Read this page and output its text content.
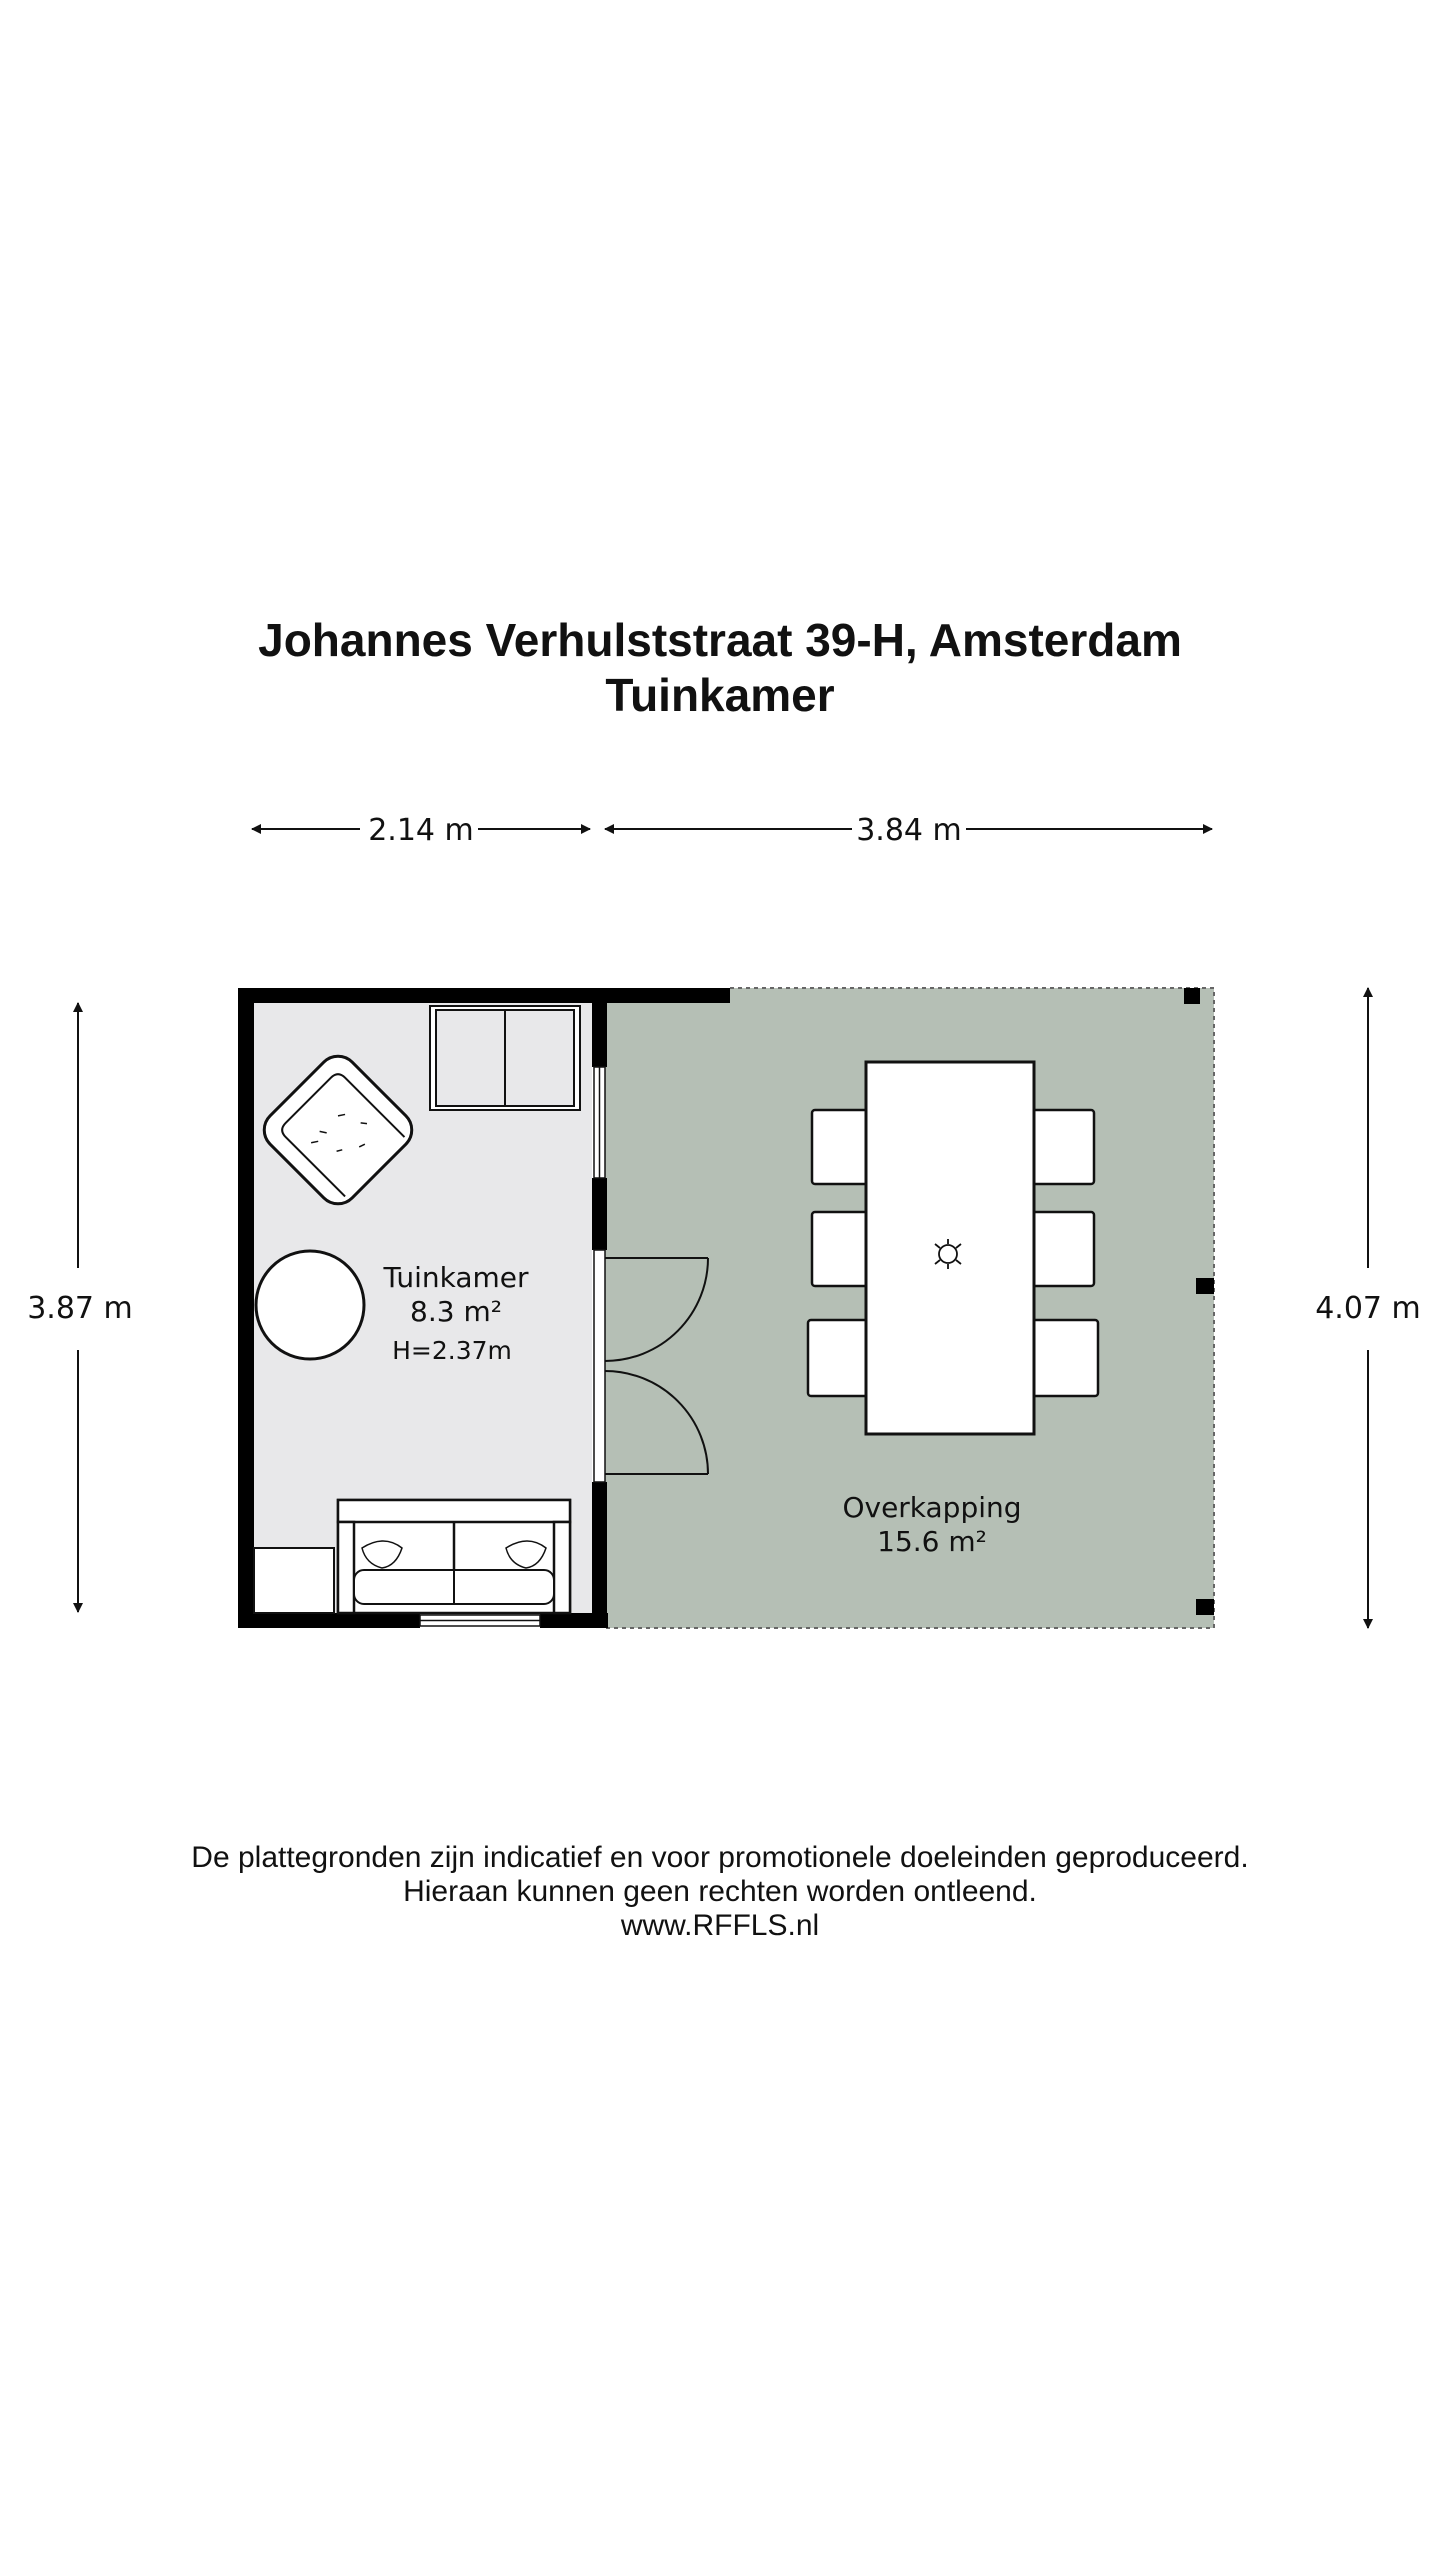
Johannes Verhulststraat 39-H, Amsterdam
Tuinkamer
2.14 m	3.84 m
3.87 m	4.07 m
Tuinkamer
8.3 m²
H=2.37m
Overkapping
15.6 m²
De plattegronden zijn indicatief en voor promotionele doeleinden geproduceerd.
Hieraan kunnen geen rechten worden ontleend.
www.RFFLS.nl
